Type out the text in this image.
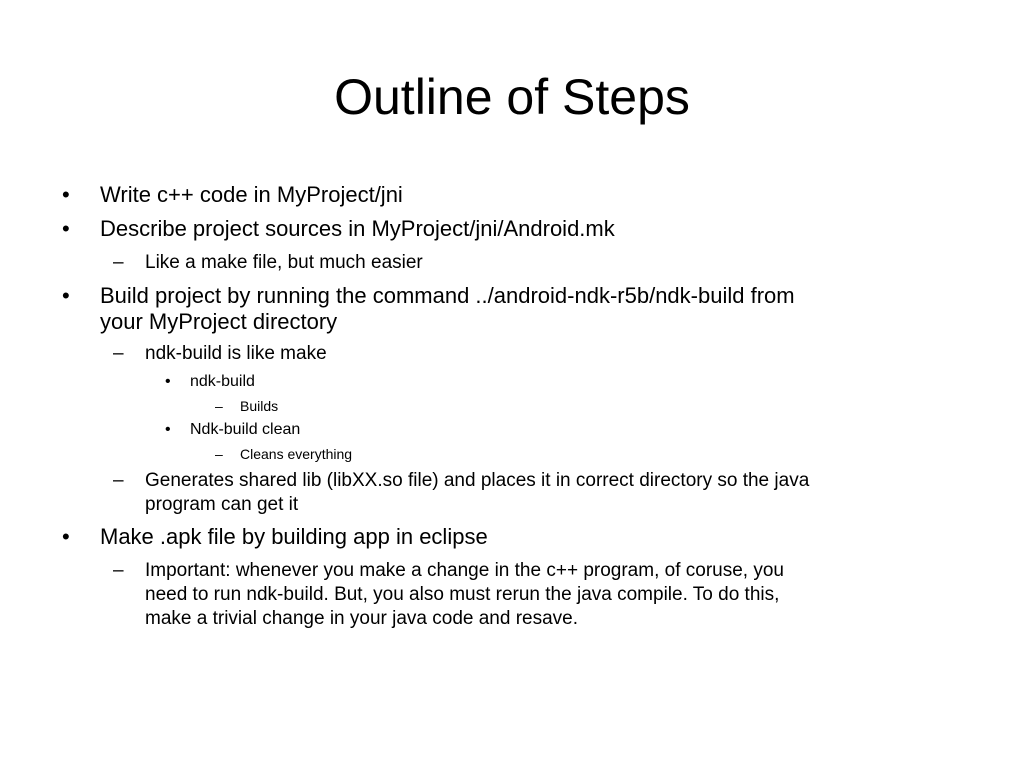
Outline of Steps
• Write c++ code in MyProject/jni
• Describe project sources in MyProject/jni/Android.mk
– Like a make file, but much easier
• Build project by running the command ../android-ndk-r5b/ndk-build from
your MyProject directory
– ndk-build is like make
• ndk-build
– Builds
• Ndk-build clean
– Cleans everything
– Generates shared lib (libXX.so file) and places it in correct directory so the java
program can get it
• Make .apk file by building app in eclipse
– Important: whenever you make a change in the c++ program, of coruse, you
need to run ndk-build. But, you also must rerun the java compile. To do this,
make a trivial change in your java code and resave.
